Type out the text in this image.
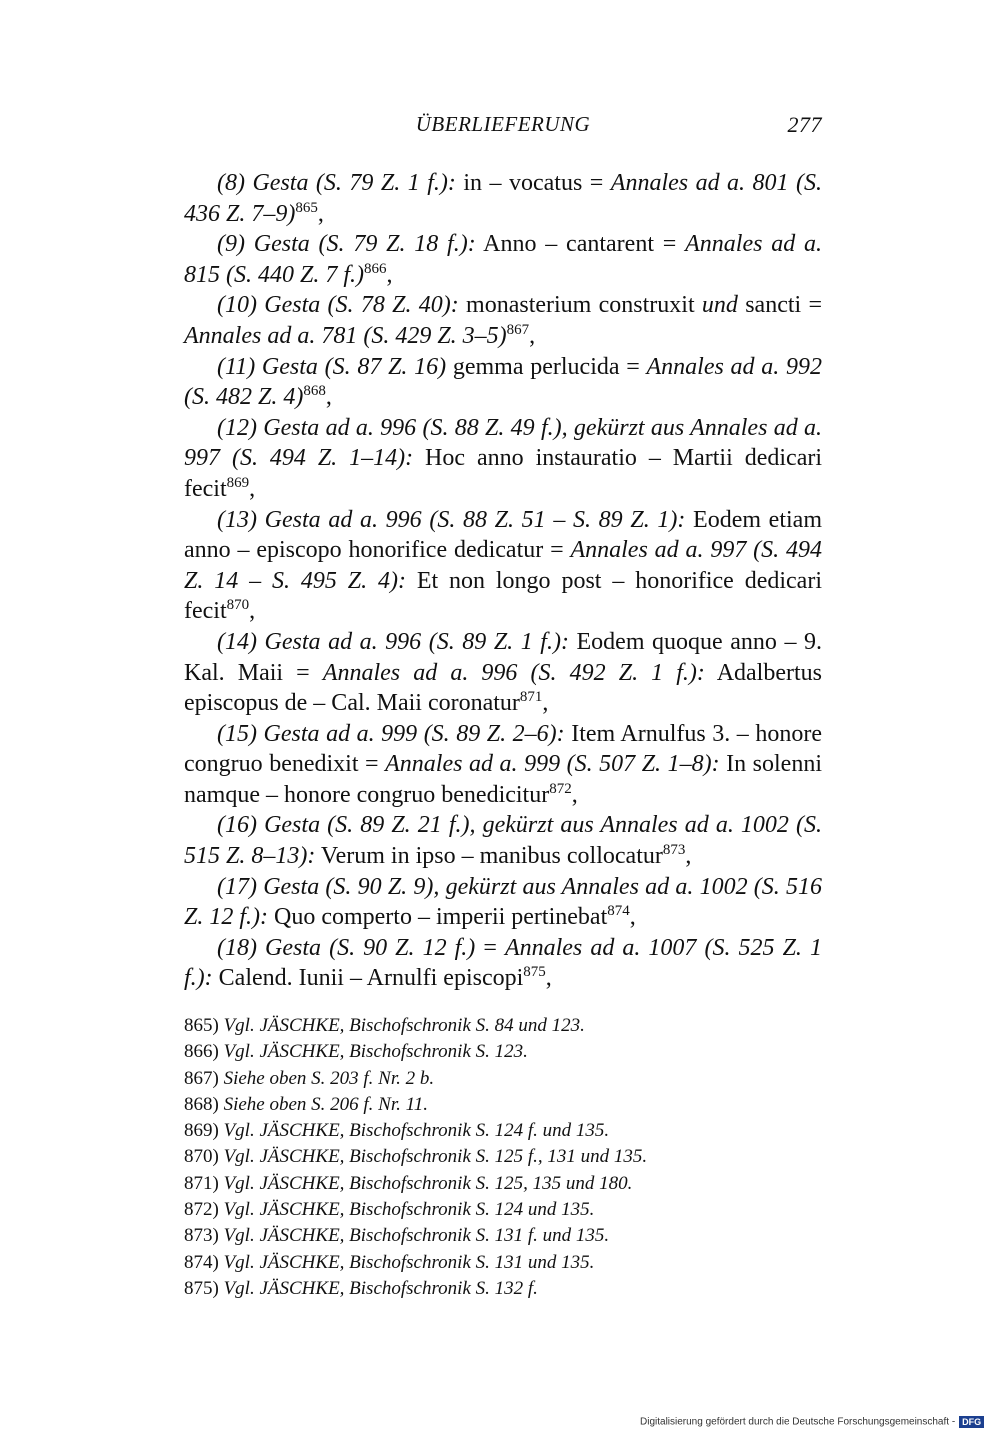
ÜBERLIEFERUNG	277

(8) Gesta (S. 79 Z. 1 f.): in – vocatus = Annales ad a. 801 (S. 436 Z. 7–9)$^{865}$,

(9) Gesta (S. 79 Z. 18 f.): Anno – cantarent = Annales ad a. 815 (S. 440 Z. 7 f.)$^{866}$,

(10) Gesta (S. 78 Z. 40): monasterium construxit und sancti = Annales ad a. 781 (S. 429 Z. 3–5)$^{867}$,

(11) Gesta (S. 87 Z. 16) gemma perlucida = Annales ad a. 992 (S. 482 Z. 4)$^{868}$,

(12) Gesta ad a. 996 (S. 88 Z. 49 f.), gekürzt aus Annales ad a. 997 (S. 494 Z. 1–14): Hoc anno instauratio – Martii dedicari fecit$^{869}$,

(13) Gesta ad a. 996 (S. 88 Z. 51 – S. 89 Z. 1): Eodem etiam anno – episcopo honorifice dedicatur = Annales ad a. 997 (S. 494 Z. 14 – S. 495 Z. 4): Et non longo post – honorifice dedicari fecit$^{870}$,

(14) Gesta ad a. 996 (S. 89 Z. 1 f.): Eodem quoque anno – 9. Kal. Maii = Annales ad a. 996 (S. 492 Z. 1 f.): Adalbertus episcopus de – Cal. Maii coronatur$^{871}$,

(15) Gesta ad a. 999 (S. 89 Z. 2–6): Item Arnulfus 3. – honore congruo benedixit = Annales ad a. 999 (S. 507 Z. 1–8): In solenni namque – honore congruo benedicitur$^{872}$,

(16) Gesta (S. 89 Z. 21 f.), gekürzt aus Annales ad a. 1002 (S. 515 Z. 8–13): Verum in ipso – manibus collocatur$^{873}$,

(17) Gesta (S. 90 Z. 9), gekürzt aus Annales ad a. 1002 (S. 516 Z. 12 f.): Quo comperto – imperii pertinebat$^{874}$,

(18) Gesta (S. 90 Z. 12 f.) = Annales ad a. 1007 (S. 525 Z. 1 f.): Calend. Iunii – Arnulfi episcopi$^{875}$,

865) Vgl. JÄSCHKE, Bischofschronik S. 84 und 123.
866) Vgl. JÄSCHKE, Bischofschronik S. 123.
867) Siehe oben S. 203 f. Nr. 2 b.
868) Siehe oben S. 206 f. Nr. 11.
869) Vgl. JÄSCHKE, Bischofschronik S. 124 f. und 135.
870) Vgl. JÄSCHKE, Bischofschronik S. 125 f., 131 und 135.
871) Vgl. JÄSCHKE, Bischofschronik S. 125, 135 und 180.
872) Vgl. JÄSCHKE, Bischofschronik S. 124 und 135.
873) Vgl. JÄSCHKE, Bischofschronik S. 131 f. und 135.
874) Vgl. JÄSCHKE, Bischofschronik S. 131 und 135.
875) Vgl. JÄSCHKE, Bischofschronik S. 132 f.
Digitalisierung gefördert durch die Deutsche Forschungsgemeinschaft - DFG
